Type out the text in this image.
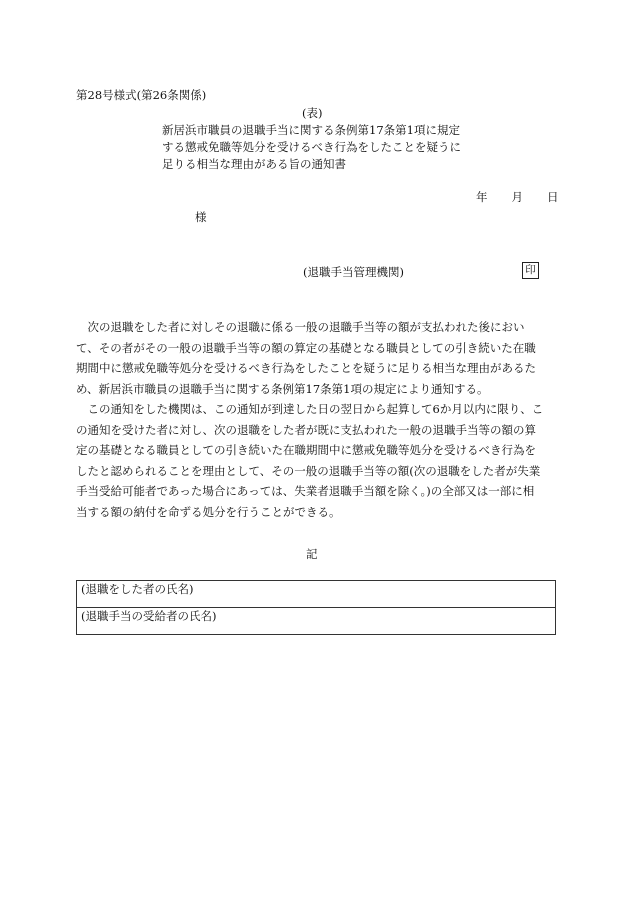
第28号様式(第26条関係)
(表)
新居浜市職員の退職手当に関する条例第17条第1項に規定
する懲戒免職等処分を受けるべき行為をしたことを疑うに
足りる相当な理由がある旨の通知書
年 月 日
様
(退職手当管理機関)	印

次の退職をした者に対しその退職に係る一般の退職手当等の額が支払われた後におい
て、その者がその一般の退職手当等の額の算定の基礎となる職員としての引き続いた在職
期間中に懲戒免職等処分を受けるべき行為をしたことを疑うに足りる相当な理由があるた
め、新居浜市職員の退職手当に関する条例第17条第1項の規定により通知する。

この通知をした機関は、この通知が到達した日の翌日から起算して6か月以内に限り、こ
の通知を受けた者に対し、次の退職をした者が既に支払われた一般の退職手当等の額の算
定の基礎となる職員としての引き続いた在職期間中に懲戒免職等処分を受けるべき行為を
したと認められることを理由として、その一般の退職手当等の額(次の退職をした者が失業
手当受給可能者であった場合にあっては、失業者退職手当額を除く。)の全部又は一部に相
当する額の納付を命ずる処分を行うことができる。

記
(退職をした者の氏名)
(退職手当の受給者の氏名)
